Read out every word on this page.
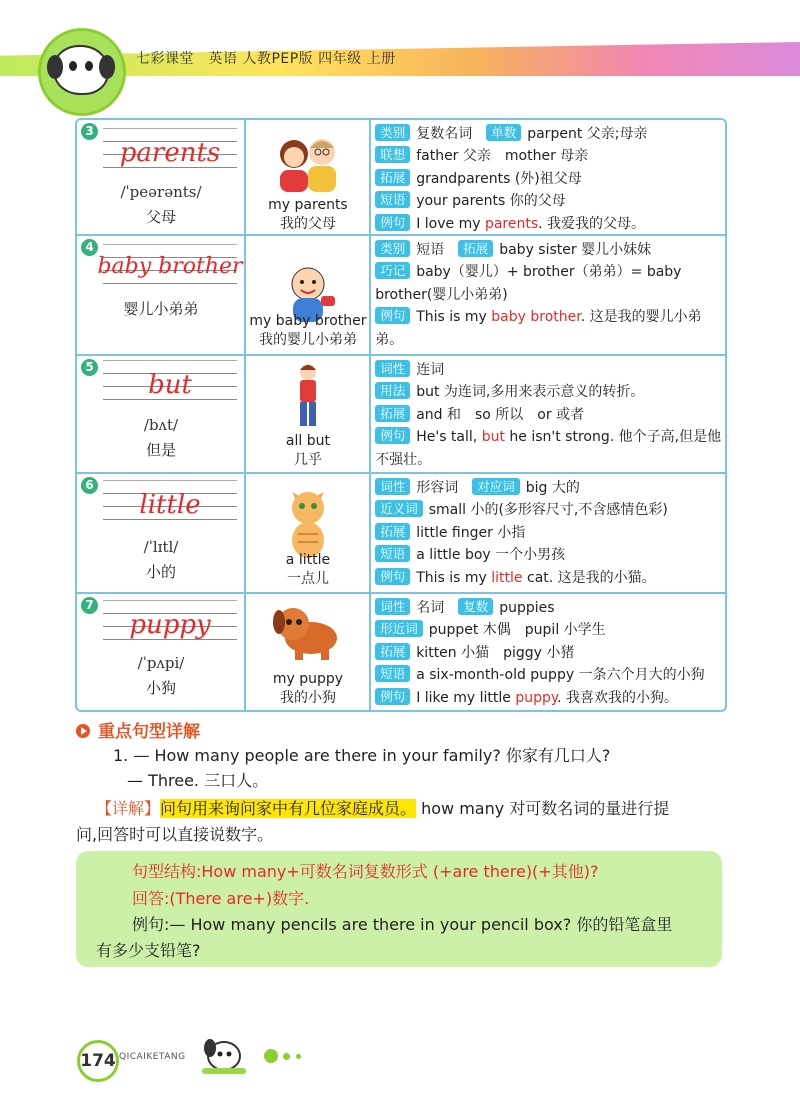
七彩课堂　英语 人教PEP版 四年级 上册
3
parents
/ˈpeərənts/
父母
my parents
我的父母
类别 复数名词 单数 parpent 父亲;母亲
联想 father 父亲　mother 母亲
拓展 grandparents (外)祖父母
短语 your parents 你的父母
例句 I love my parents. 我爱我的父母。
4
baby brother
婴儿小弟弟
my baby brother
我的婴儿小弟弟
类别 短语 拓展 baby sister 婴儿小妹妹
巧记 baby（婴儿）+ brother（弟弟）= baby brother(婴儿小弟弟)
例句 This is my baby brother. 这是我的婴儿小弟弟。
5
but
/bʌt/
但是	all but
几乎
词性 连词
用法 but 为连词,多用来表示意义的转折。
拓展 and 和　so 所以　or 或者
例句 He's tall, but he isn't strong. 他个子高,但是他不强壮。
6
little
/ˈlɪtl/
小的
a little
一点儿
词性 形容词 对应词 big 大的
近义词 small 小的(多形容尺寸,不含感情色彩)
拓展 little finger 小指
短语 a little boy 一个小男孩
例句 This is my little cat. 这是我的小猫。
7
puppy
/ˈpʌpi/
小狗	my puppy
我的小狗
词性 名词 复数 puppies
形近词 puppet 木偶　pupil 小学生
拓展 kitten 小猫　piggy 小猪
短语 a six-month-old puppy 一条六个月大的小狗
例句 I like my little puppy. 我喜欢我的小狗。
重点句型详解
1. — How many people are there in your family? 你家有几口人?
— Three. 三口人。
【详解】问句用来询问家中有几位家庭成员。 how many 对可数名词的量进行提
问,回答时可以直接说数字。

句型结构:How many+可数名词复数形式 (+are there)(+其他)?

回答:(There are+)数字.

例句:— How many pencils are there in your pencil box? 你的铅笔盒里

有多少支铅笔?

174 QICAIKETANG
